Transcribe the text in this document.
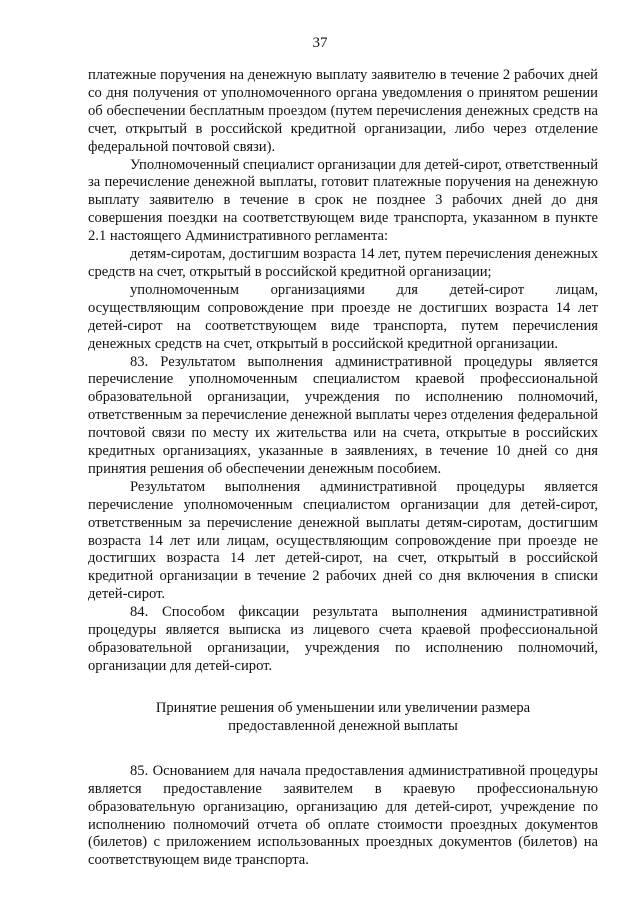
37

платежные поручения на денежную выплату заявителю в течение 2 рабочих дней со дня получения от уполномоченного органа уведомления о принятом решении об обеспечении бесплатным проездом (путем перечисления денежных средств на счет, открытый в российской кредитной организации, либо через отделение федеральной почтовой связи).

Уполномоченный специалист организации для детей-сирот, ответственный за перечисление денежной выплаты, готовит платежные поручения на денежную выплату заявителю в течение в срок не позднее 3 рабочих дней до дня совершения поездки на соответствующем виде транспорта, указанном в пункте 2.1 настоящего Административного регламента:

детям-сиротам, достигшим возраста 14 лет, путем перечисления денежных средств на счет, открытый в российской кредитной организации;

уполномоченным организациями для детей-сирот лицам, осуществляющим сопровождение при проезде не достигших возраста 14 лет детей-сирот на соответствующем виде транспорта, путем перечисления денежных средств на счет, открытый в российской кредитной организации.

83. Результатом выполнения административной процедуры является перечисление уполномоченным специалистом краевой профессиональной образовательной организации, учреждения по исполнению полномочий, ответственным за перечисление денежной выплаты через отделения федеральной почтовой связи по месту их жительства или на счета, открытые в российских кредитных организациях, указанные в заявлениях, в течение 10 дней со дня принятия решения об обеспечении денежным пособием.

Результатом выполнения административной процедуры является перечисление уполномоченным специалистом организации для детей-сирот, ответственным за перечисление денежной выплаты детям-сиротам, достигшим возраста 14 лет или лицам, осуществляющим сопровождение при проезде не достигших возраста 14 лет детей-сирот, на счет, открытый в российской кредитной организации в течение 2 рабочих дней со дня включения в списки детей-сирот.

84. Способом фиксации результата выполнения административной процедуры является выписка из лицевого счета краевой профессиональной образовательной организации, учреждения по исполнению полномочий, организации для детей-сирот.

Принятие решения об уменьшении или увеличении размера
предоставленной денежной выплаты

85. Основанием для начала предоставления административной процедуры является предоставление заявителем в краевую профессиональную образовательную организацию, организацию для детей-сирот, учреждение по исполнению полномочий отчета об оплате стоимости проездных документов (билетов) с приложением использованных проездных документов (билетов) на соответствующем виде транспорта.
